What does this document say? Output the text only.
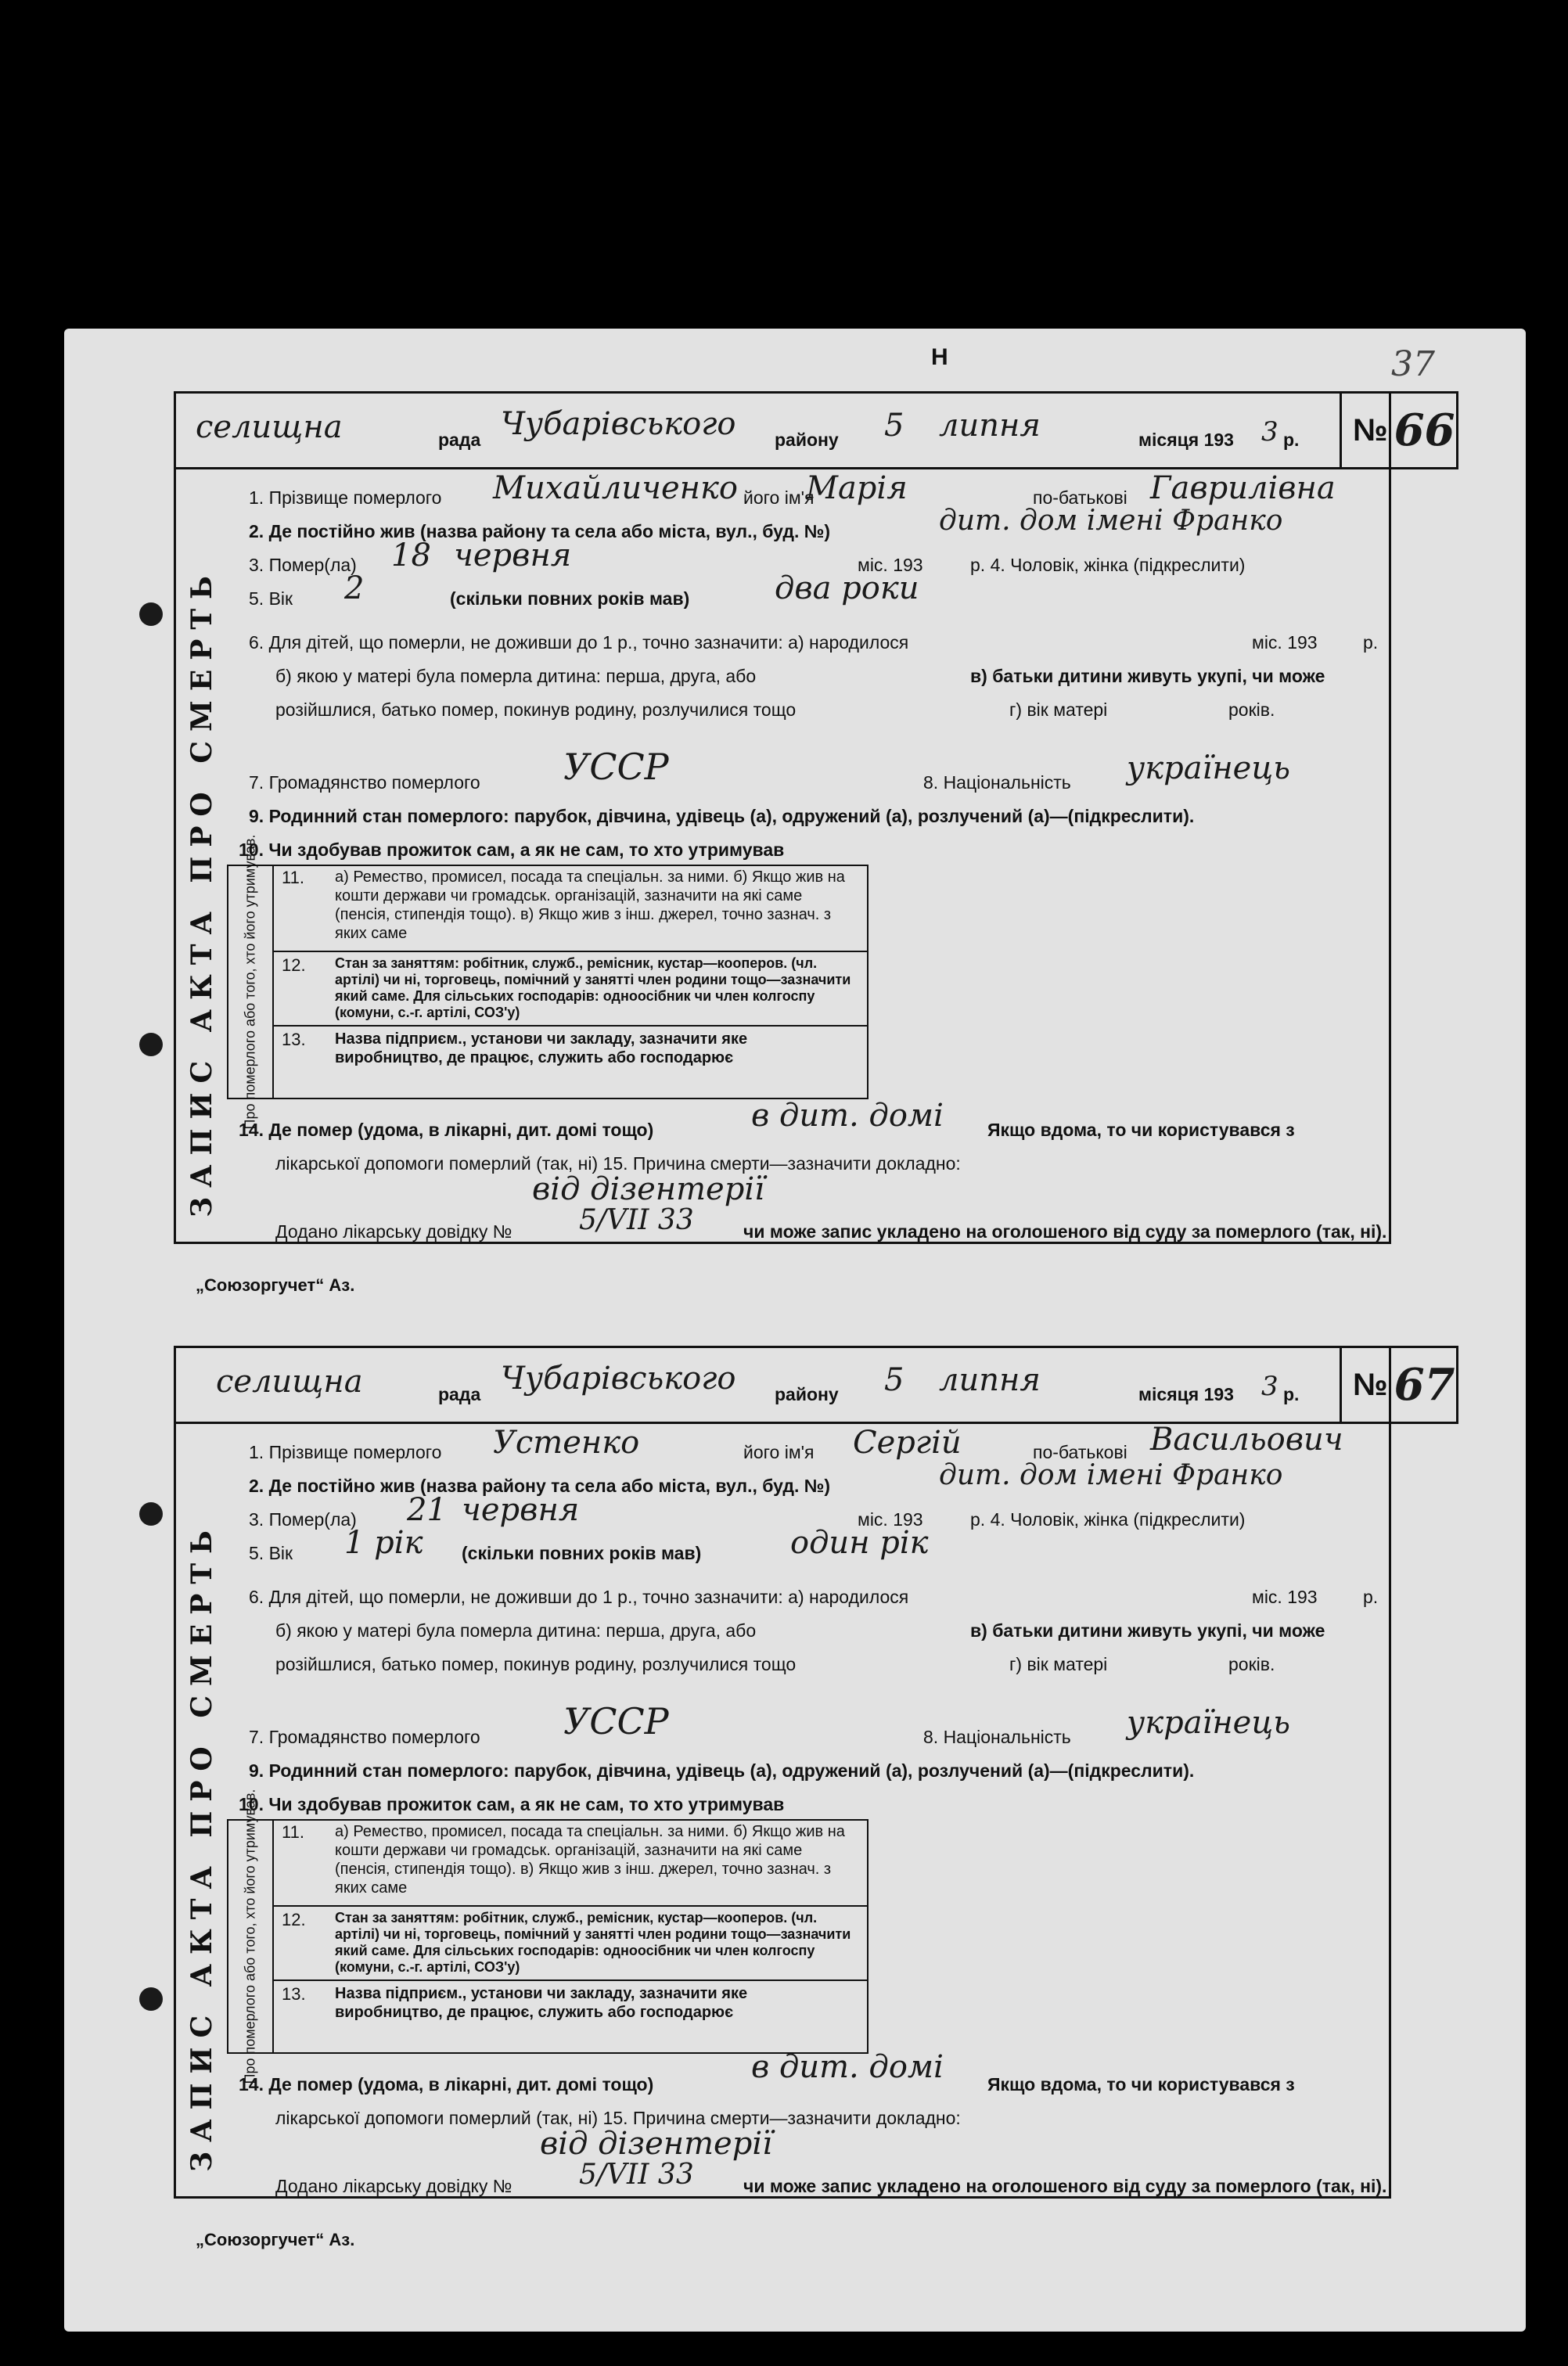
Н	37
№ 66
селищна	рада Чубарівського району 5 липня	місяця 193 3 р.
ЗАПИС АКТА ПРО СМЕРТЬ
1. Прізвище померлого Михайличенко його ім'я
Марія	по-батькові Гаврилівна
2. Де постійно жив (назва району та села або міста, вул., буд. №)	дит. дом імені Франко
3. Помер(ла) 18 червня	міс. 193	р. 4. Чоловік, жінка (підкреслити)
5. Вік 2	(скільки повних років мав)	два роки
6. Для дітей, що померли, не доживши до 1 р., точно зазначити: а) народилося	міс. 193	р.
б) якою у матері була померла дитина: перша, друга, або	в) батьки дитини живуть укупі, чи може
розійшлися, батько помер, покинув родину, розлучилися тощо	г) вік матері	років.
7. Громадянство померлого УССР	8. Національність українець
9. Родинний стан померлого: парубок, дівчина, удівець (а), одружений (а), розлучений (а)—(підкреслити).
10. Чи здобував прожиток сам, а як не сам, то хто утримував
Про померлого або того, хто його утримував. 11. а) Ремество, промисел, посада та спеціальн. за ними. б) Якщо жив на кошти держави чи громадськ. організацій, зазначити на які саме (пенсія, стипендія тощо). в) Якщо жив з інш. джерел, точно зазнач. з яких саме
12. Стан за заняттям: робітник, служб., ремісник, кустар—кооперов. (чл. артілі) чи ні, торговець, помічний у занятті член родини тощо—зазначити який саме. Для сільських господарів: одноосібник чи член колгоспу (комуни, с.-г. артілі, СОЗ'у)
13. Назва підприєм., установи чи закладу, зазначити яке виробництво, де працює, служить або господарює
14. Де помер (удома, в лікарні, дит. домі тощо)	в дит. домі Якщо вдома, то чи користувався з
лікарської допомоги померлий (так, ні) 15. Причина смерти—зазначити докладно:
від дізентерії
Додано лікарську довідку № 5/VII 33	чи може запис укладено на оголошеного від суду за померлого (так, ні).
„Союзоргучет“ Аз.
№ 67
селищна	рада Чубарівського району 5 липня	місяця 193 3 р.
ЗАПИС АКТА ПРО СМЕРТЬ
1. Прізвище померлого Устенко	його ім'я Сергій	по-батькові Васильович
2. Де постійно жив (назва району та села або міста, вул., буд. №)	дит. дом імені Франко
3. Помер(ла) 21 червня	міс. 193	р. 4. Чоловік, жінка (підкреслити)
5. Вік 1 рік (скільки повних років мав)	один рік
6. Для дітей, що померли, не доживши до 1 р., точно зазначити: а) народилося	міс. 193	р.
б) якою у матері була померла дитина: перша, друга, або	в) батьки дитини живуть укупі, чи може
розійшлися, батько помер, покинув родину, розлучилися тощо	г) вік матері	років.
7. Громадянство померлого УССР	8. Національність українець
9. Родинний стан померлого: парубок, дівчина, удівець (а), одружений (а), розлучений (а)—(підкреслити).
10. Чи здобував прожиток сам, а як не сам, то хто утримував
Про померлого або того, хто його утримував. 11. а) Ремество, промисел, посада та спеціальн. за ними. б) Якщо жив на кошти держави чи громадськ. організацій, зазначити на які саме (пенсія, стипендія тощо). в) Якщо жив з інш. джерел, точно зазнач. з яких саме
12. Стан за заняттям: робітник, служб., ремісник, кустар—кооперов. (чл. артілі) чи ні, торговець, помічний у занятті член родини тощо—зазначити який саме. Для сільських господарів: одноосібник чи член колгоспу (комуни, с.-г. артілі, СОЗ'у)
13. Назва підприєм., установи чи закладу, зазначити яке виробництво, де працює, служить або господарює
14. Де помер (удома, в лікарні, дит. домі тощо)	в дит. домі Якщо вдома, то чи користувався з
лікарської допомоги померлий (так, ні) 15. Причина смерти—зазначити докладно:
від дізентерії
Додано лікарську довідку № 5/VII 33	чи може запис укладено на оголошеного від суду за померлого (так, ні).
„Союзоргучет“ Аз.
